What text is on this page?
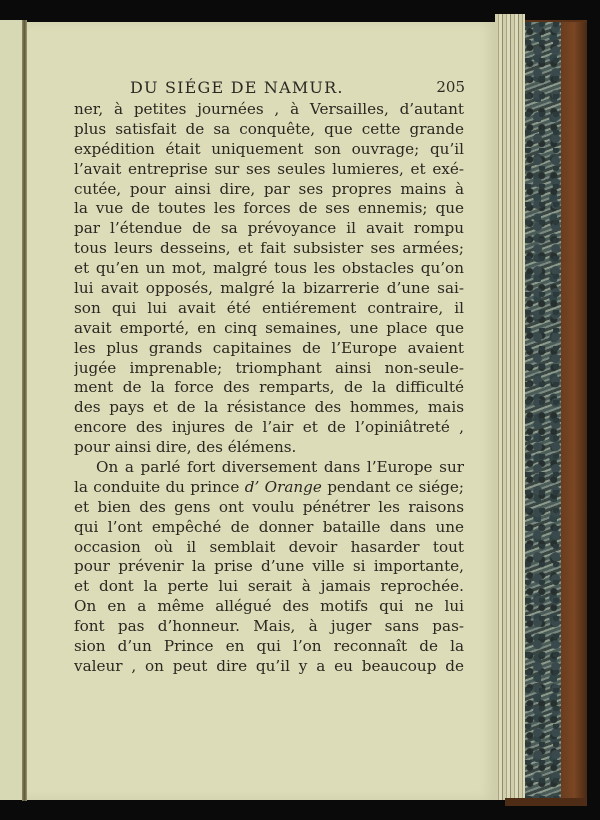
DU SIÉGE DE NAMUR.	205
ner, à petites journées , à Versailles, d’autant
plus satisfait de sa conquête, que cette grande
expédition était uniquement son ouvrage; qu’il
l’avait entreprise sur ses seules lumieres, et exé-
cutée, pour ainsi dire, par ses propres mains à
la vue de toutes les forces de ses ennemis; que
par l’étendue de sa prévoyance il avait rompu
tous leurs desseins, et fait subsister ses armées;
et qu’en un mot, malgré tous les obstacles qu’on
lui avait opposés, malgré la bizarrerie d’une sai-
son qui lui avait été entiérement contraire, il
avait emporté, en cinq semaines, une place que
les plus grands capitaines de l’Europe avaient
jugée imprenable; triomphant ainsi non-seule-
ment de la force des remparts, de la difficulté
des pays et de la résistance des hommes, mais
encore des injures de l’air et de l’opiniâtreté ,
pour ainsi dire, des élémens.
On a parlé fort diversement dans l’Europe sur
la conduite du prince d’ Orange pendant ce siége;
et bien des gens ont voulu pénétrer les raisons
qui l’ont empêché de donner bataille dans une
occasion où il semblait devoir hasarder tout
pour prévenir la prise d’une ville si importante,
et dont la perte lui serait à jamais reprochée.
On en a même allégué des motifs qui ne lui
font pas d’honneur. Mais, à juger sans pas-
sion d’un Prince en qui l’on reconnaît de la
valeur , on peut dire qu’il y a eu beaucoup de
